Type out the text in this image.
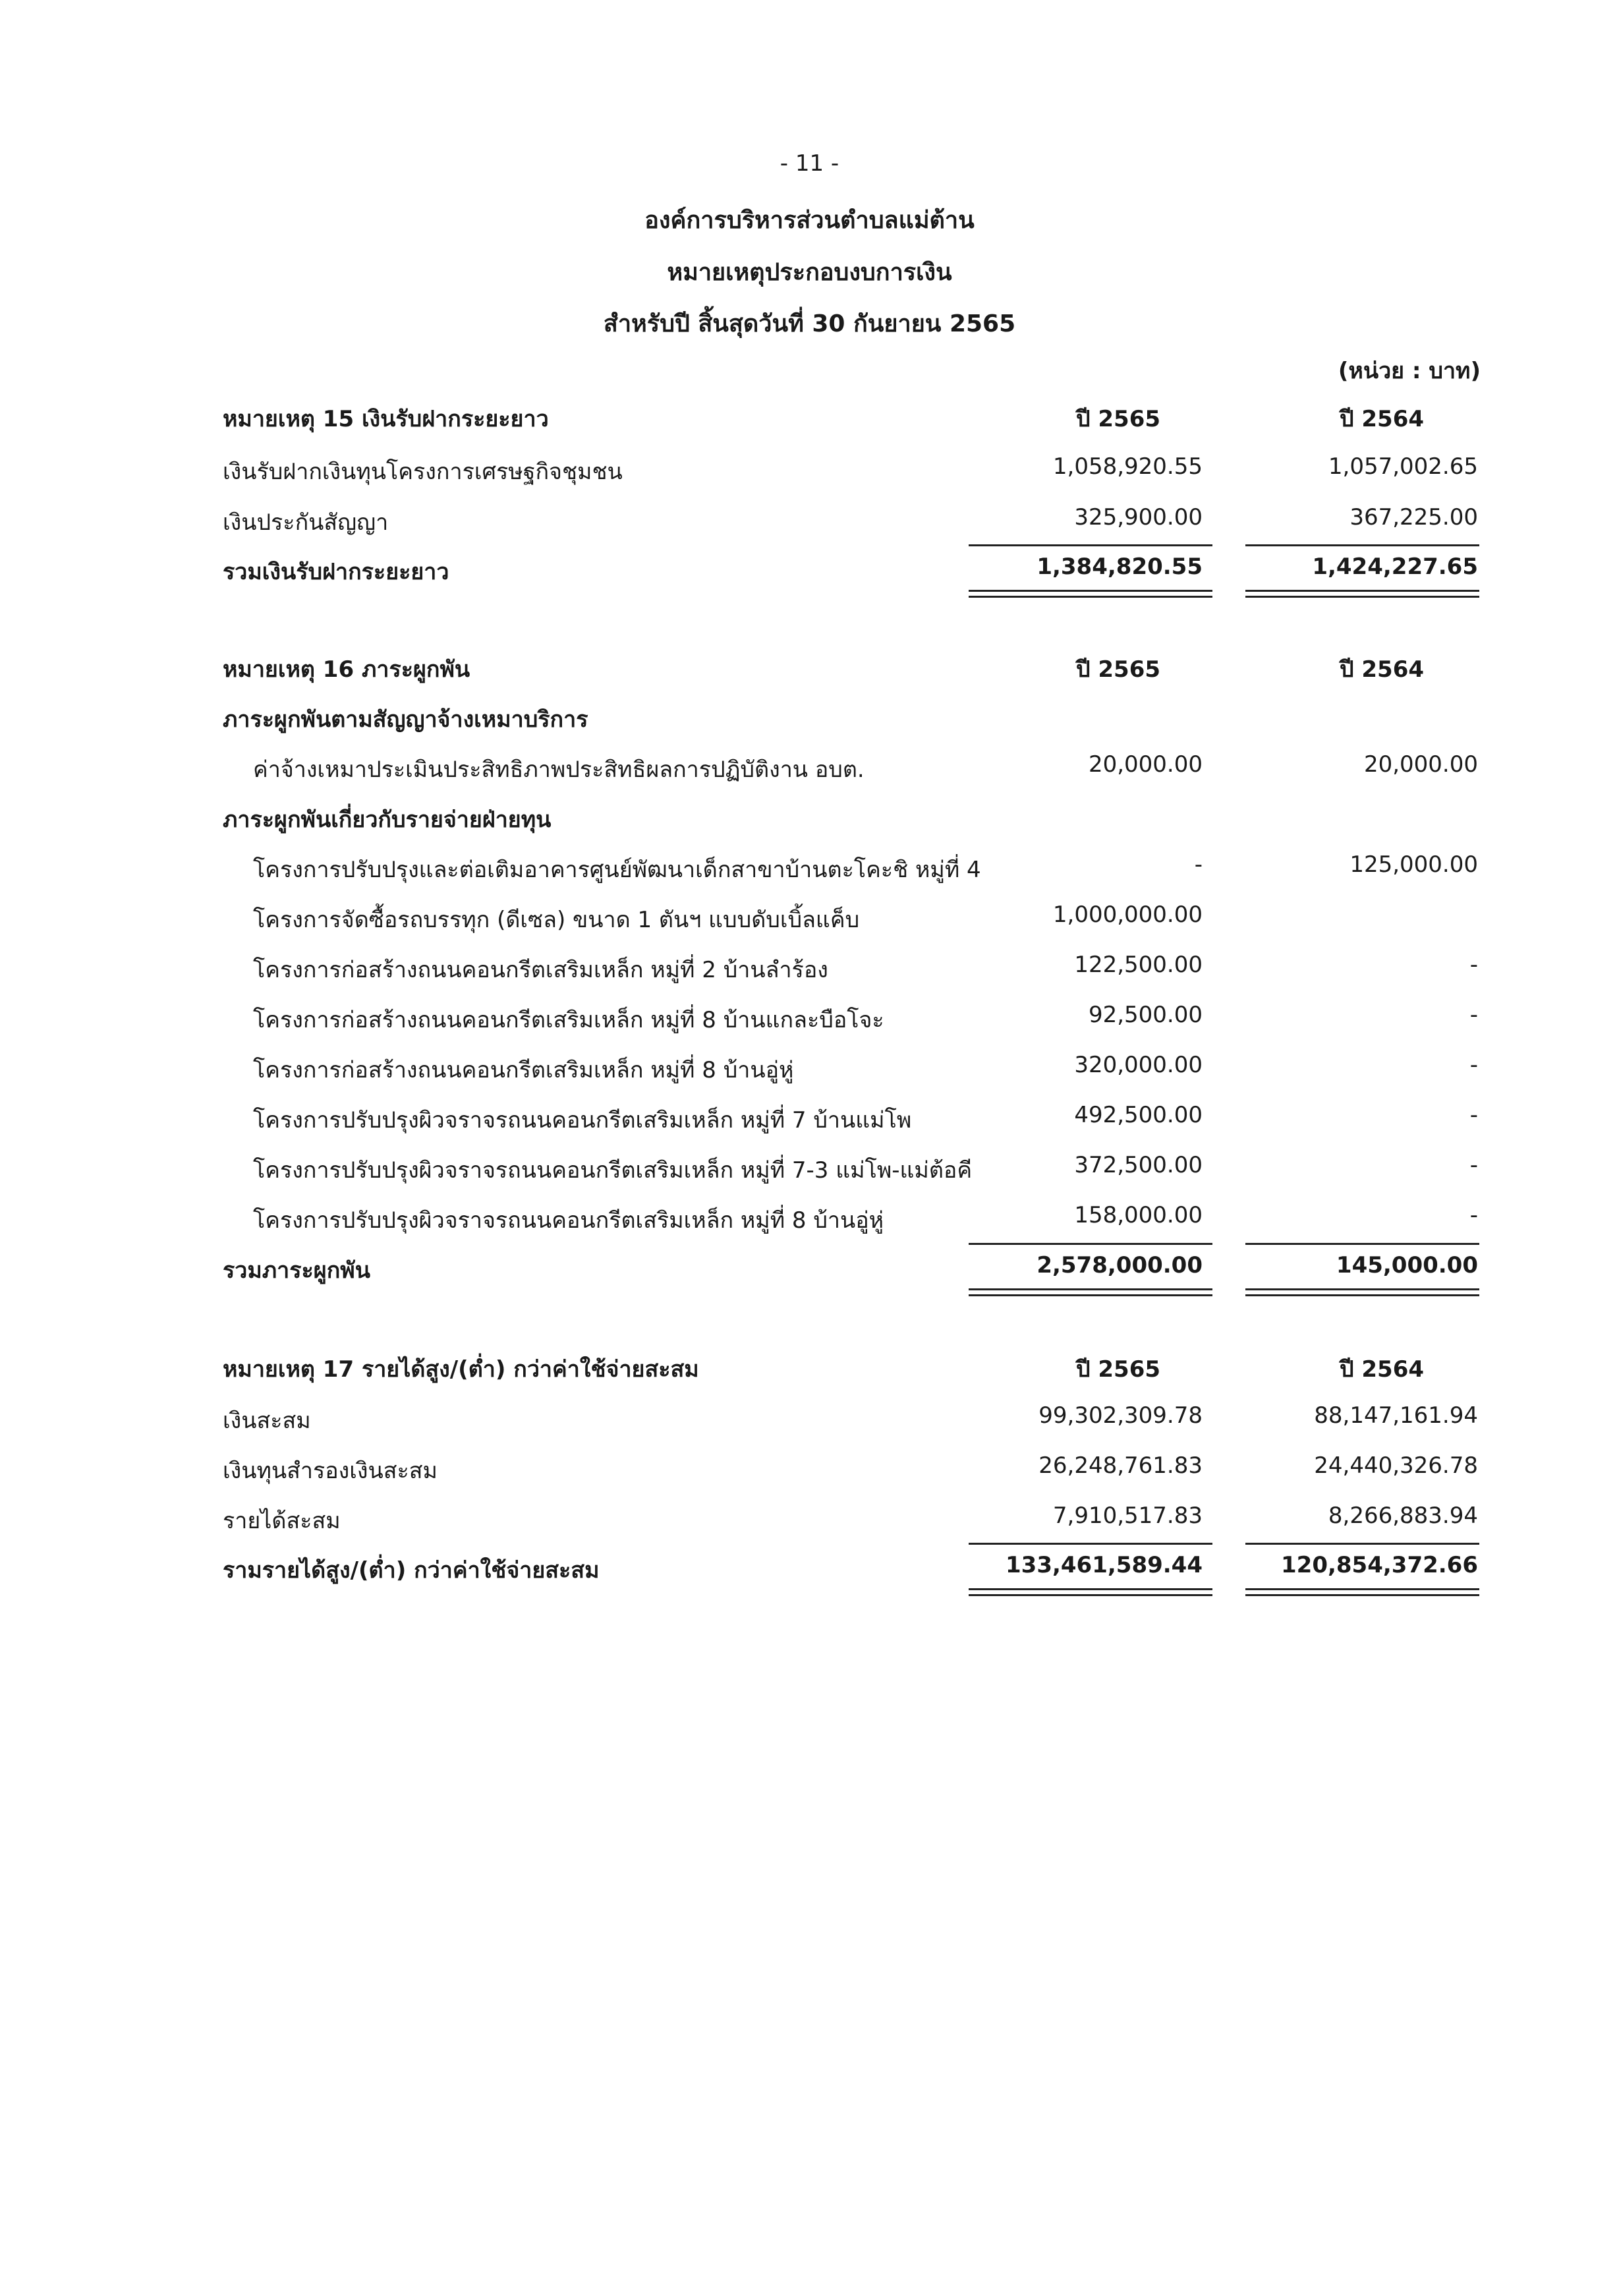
- 11 -
องค์การบริหารส่วนตำบลแม่ต้าน
หมายเหตุประกอบงบการเงิน
สำหรับปี สิ้นสุดวันที่ 30 กันยายน 2565
(หน่วย : บาท)
หมายเหตุ 15 เงินรับฝากระยะยาว	ปี 2565	ปี 2564
เงินรับฝากเงินทุนโครงการเศรษฐกิจชุมชน	1,058,920.55	1,057,002.65
เงินประกันสัญญา	325,900.00	367,225.00
รวมเงินรับฝากระยะยาว	1,384,820.55	1,424,227.65
หมายเหตุ 16 ภาระผูกพัน	ปี 2565	ปี 2564
ภาระผูกพันตามสัญญาจ้างเหมาบริการ
ค่าจ้างเหมาประเมินประสิทธิภาพประสิทธิผลการปฏิบัติงาน อบต.	20,000.00	20,000.00
ภาระผูกพันเกี่ยวกับรายจ่ายฝ่ายทุน
โครงการปรับปรุงและต่อเติมอาคารศูนย์พัฒนาเด็กสาขาบ้านตะโคะชิ หมู่ที่ 4	-	125,000.00
โครงการจัดซื้อรถบรรทุก (ดีเซล) ขนาด 1 ตันฯ แบบดับเบิ้ลแค็บ	1,000,000.00
โครงการก่อสร้างถนนคอนกรีตเสริมเหล็ก หมู่ที่ 2 บ้านลำร้อง	122,500.00	-
โครงการก่อสร้างถนนคอนกรีตเสริมเหล็ก หมู่ที่ 8 บ้านแกละบือโจะ	92,500.00	-
โครงการก่อสร้างถนนคอนกรีตเสริมเหล็ก หมู่ที่ 8 บ้านอู่หู่	320,000.00	-
โครงการปรับปรุงผิวจราจรถนนคอนกรีตเสริมเหล็ก หมู่ที่ 7 บ้านแม่โพ	492,500.00	-
โครงการปรับปรุงผิวจราจรถนนคอนกรีตเสริมเหล็ก หมู่ที่ 7-3 แม่โพ-แม่ต้อคี	372,500.00	-
โครงการปรับปรุงผิวจราจรถนนคอนกรีตเสริมเหล็ก หมู่ที่ 8 บ้านอู่หู่	158,000.00	-
รวมภาระผูกพัน	2,578,000.00	145,000.00
หมายเหตุ 17 รายได้สูง/(ต่ำ) กว่าค่าใช้จ่ายสะสม	ปี 2565	ปี 2564
เงินสะสม	99,302,309.78	88,147,161.94
เงินทุนสำรองเงินสะสม	26,248,761.83	24,440,326.78
รายได้สะสม	7,910,517.83	8,266,883.94
รามรายได้สูง/(ต่ำ) กว่าค่าใช้จ่ายสะสม	133,461,589.44	120,854,372.66
